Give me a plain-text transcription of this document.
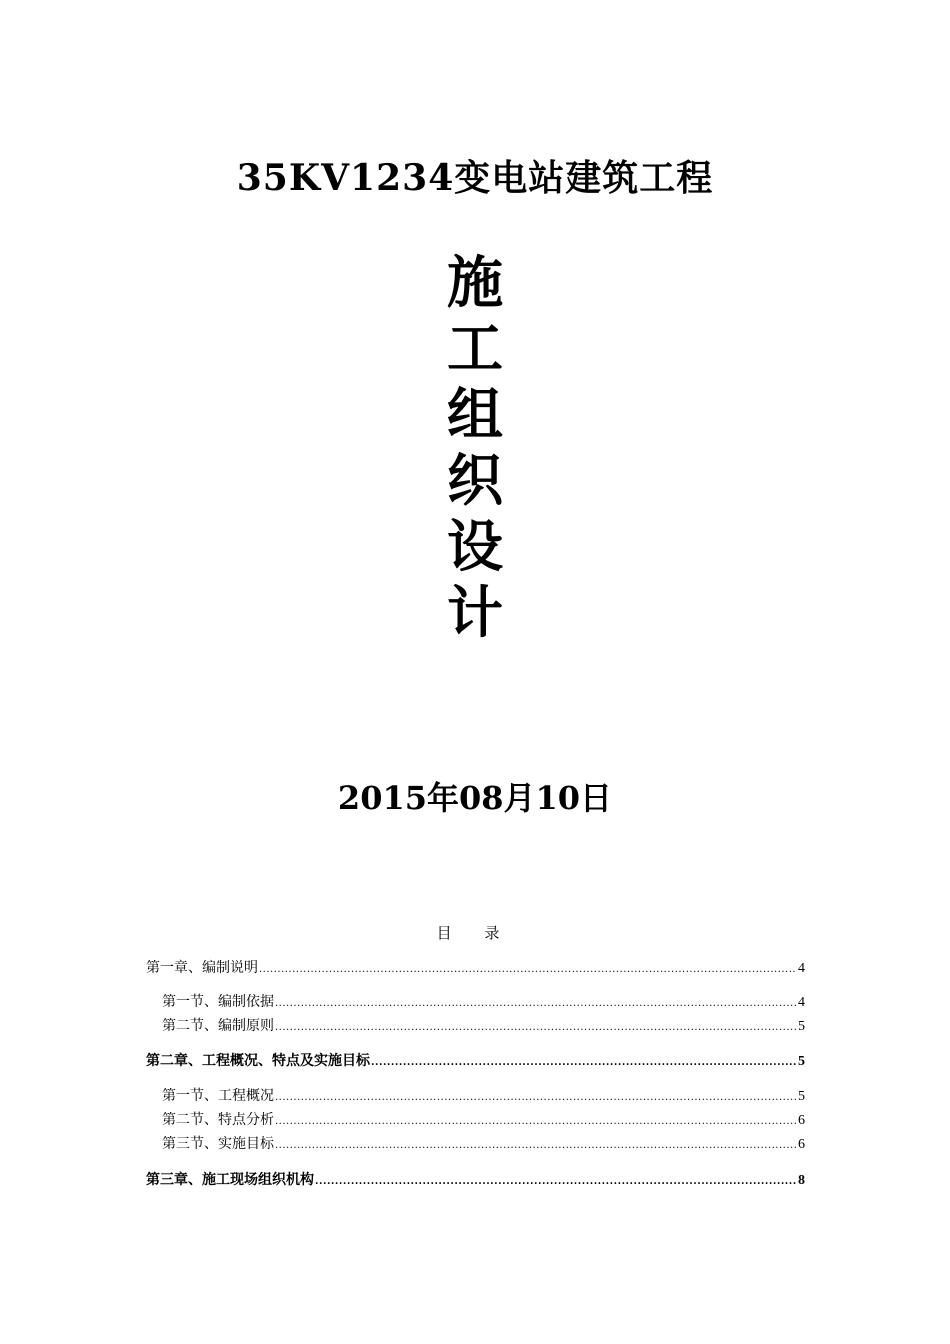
35KV1234变电站建筑工程
施
工
组
织
设
计
2015年08月10日
目 录
第一章、编制说明 .....	4
第一节、编制依据 .....	4
第二节、编制原则 .....	5
第二章、工程概况、特点及实施目标 .....	5
第一节、工程概况 .....	5
第二节、特点分析 .....	6
第三节、实施目标 .....	6
第三章、施工现场组织机构 .....	8
